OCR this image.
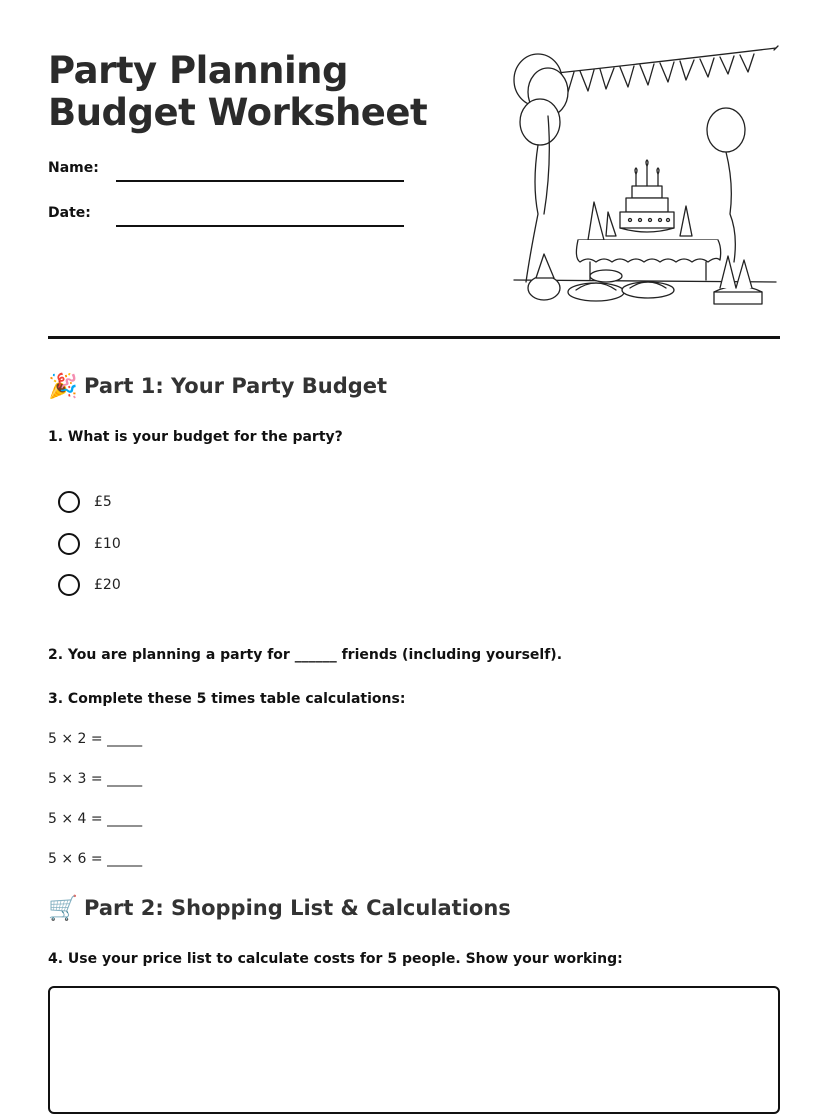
Party Planning Budget Worksheet
Name:
Date:
🎉 Part 1: Your Party Budget
1. What is your budget for the party?
£5
£10
£20
2. You are planning a party for ______ friends (including yourself).
3. Complete these 5 times table calculations:
5 × 2 = _____
5 × 3 = _____
5 × 4 = _____
5 × 6 = _____
🛒 Part 2: Shopping List & Calculations
4. Use your price list to calculate costs for 5 people. Show your working:
